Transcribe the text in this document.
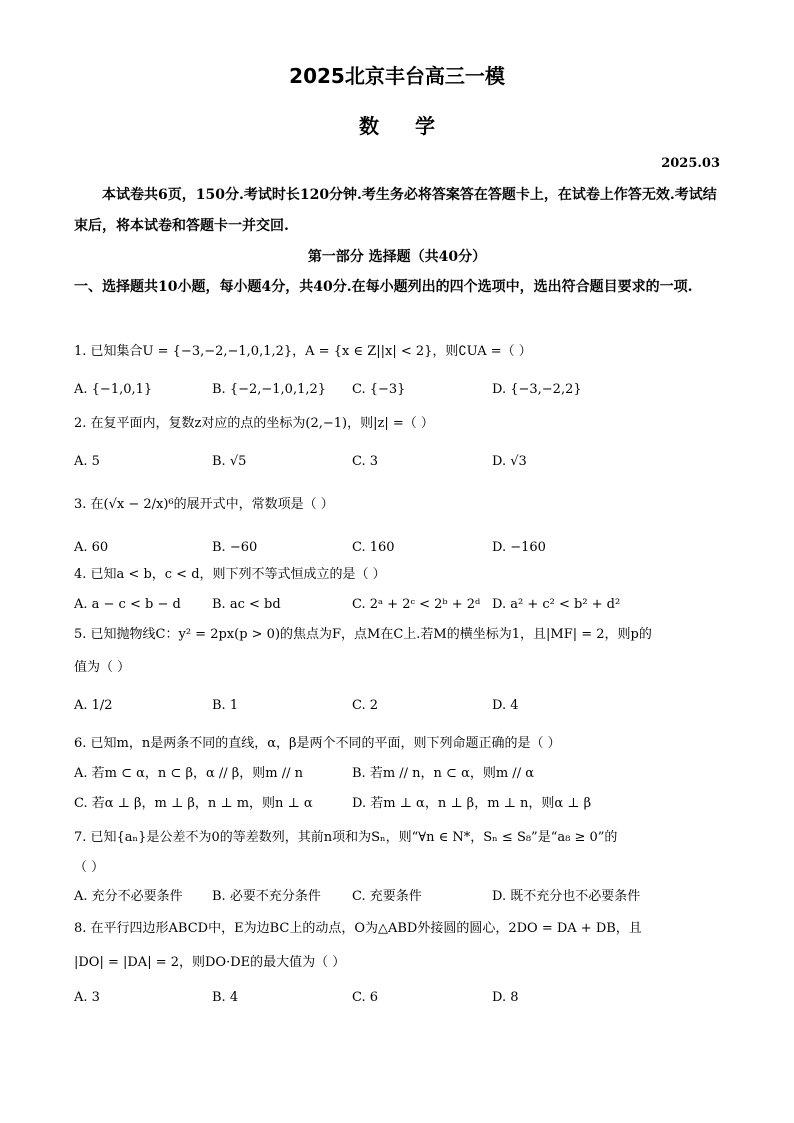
2025北京丰台高三一模
数学
2025.03
本试卷共6页，150分.考试时长120分钟.考生务必将答案答在答题卡上，在试卷上作答无效.考试结束后，将本试卷和答题卡一并交回.
第一部分 选择题（共40分）
一、选择题共10小题，每小题4分，共40分.在每小题列出的四个选项中，选出符合题目要求的一项.
1. 已知集合U = {−3,−2,−1,0,1,2}，A = {x ∈ Z||x| < 2}，则∁UA =（ ）
A. {−1,0,1}	B. {−2,−1,0,1,2} C. {−3}	D. {−3,−2,2}
2. 在复平面内，复数z对应的点的坐标为(2,−1)，则|z| =（ ）
A. 5	B. √5	C. 3	D. √3
3. 在(√x − 2/x)⁶的展开式中，常数项是（ ）
A. 60	B. −60	C. 160	D. −160
4. 已知a < b，c < d，则下列不等式恒成立的是（ ）
A. a − c < b − d B. ac < bd	C. 2ᵃ + 2ᶜ < 2ᵇ + 2ᵈ D. a² + c² < b² + d²
5. 已知抛物线C：y² = 2px(p > 0)的焦点为F，点M在C上.若M的横坐标为1，且|MF| = 2，则p的
值为（ ）
A. 1/2	B. 1	C. 2	D. 4
6. 已知m，n是两条不同的直线，α，β是两个不同的平面，则下列命题正确的是（ ）
A. 若m ⊂ α，n ⊂ β，α // β，则m // n	B. 若m // n，n ⊂ α，则m // α
C. 若α ⊥ β，m ⊥ β，n ⊥ m，则n ⊥ α	D. 若m ⊥ α，n ⊥ β，m ⊥ n，则α ⊥ β
7. 已知{aₙ}是公差不为0的等差数列，其前n项和为Sₙ，则“∀n ∈ N*，Sₙ ≤ S₈”是“a₈ ≥ 0”的
（ ）
A. 充分不必要条件 B. 必要不充分条件 C. 充要条件	D. 既不充分也不必要条件
8. 在平行四边形ABCD中，E为边BC上的动点，O为△ABD外接圆的圆心，2DO = DA + DB，且
|DO| = |DA| = 2，则DO·DE的最大值为（ ）
A. 3	B. 4	C. 6	D. 8
